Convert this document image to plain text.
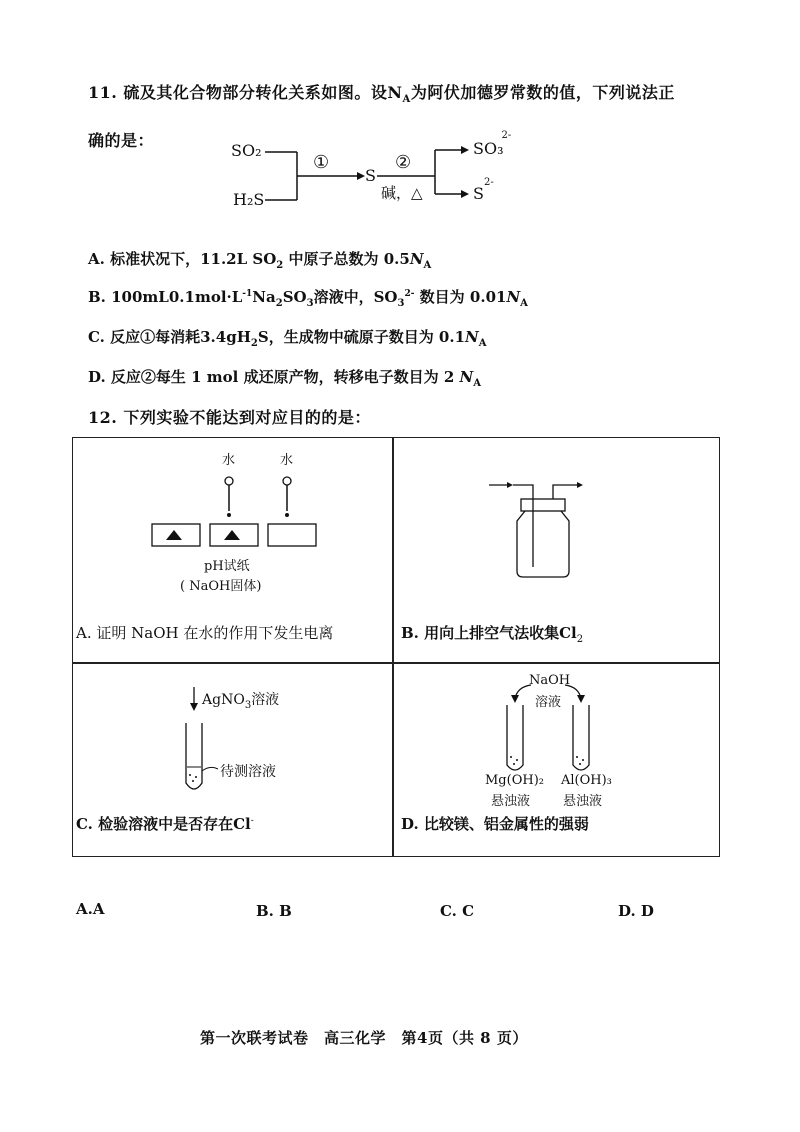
11. 硫及其化合物部分转化关系如图。设$N_A$为阿伏加德罗常数的值，下列说法正
确的是：
SO₂
H₂S
①
S
②
碱，△
SO₃$^{2-}$
$S^{2-}$
A. 标准状况下，11.2L $SO_2$ 中原子总数为 $0.5N_A$
B. $100mL0.1mol\cdot L^{-1}Na_2SO_3$溶液中，$SO_3^{2-}$ 数目为 $0.01N_A$
C. 反应①每消耗$3.4gH_2S$，生成物中硫原子数目为 $0.1N_A$
D. 反应②每生 1 mol 成还原产物，转移电子数目为 2 $N_A$
12. 下列实验不能达到对应目的的是：
水	水
pH试纸
( NaOH固体)
A. 证明 NaOH 在水的作用下发生电离	B. 用向上排空气法收集$Cl_2$
AgNO$_3$溶液
待测溶液
C. 检验溶液中是否存在Cl-
NaOH
溶液
Mg(OH)₂
悬浊液
Al(OH)₃
悬浊液
D. 比较镁、铝金属性的强弱
A.A	B. B	C. C	D. D
第一次联考试卷　高三化学　第4页（共 8 页）
